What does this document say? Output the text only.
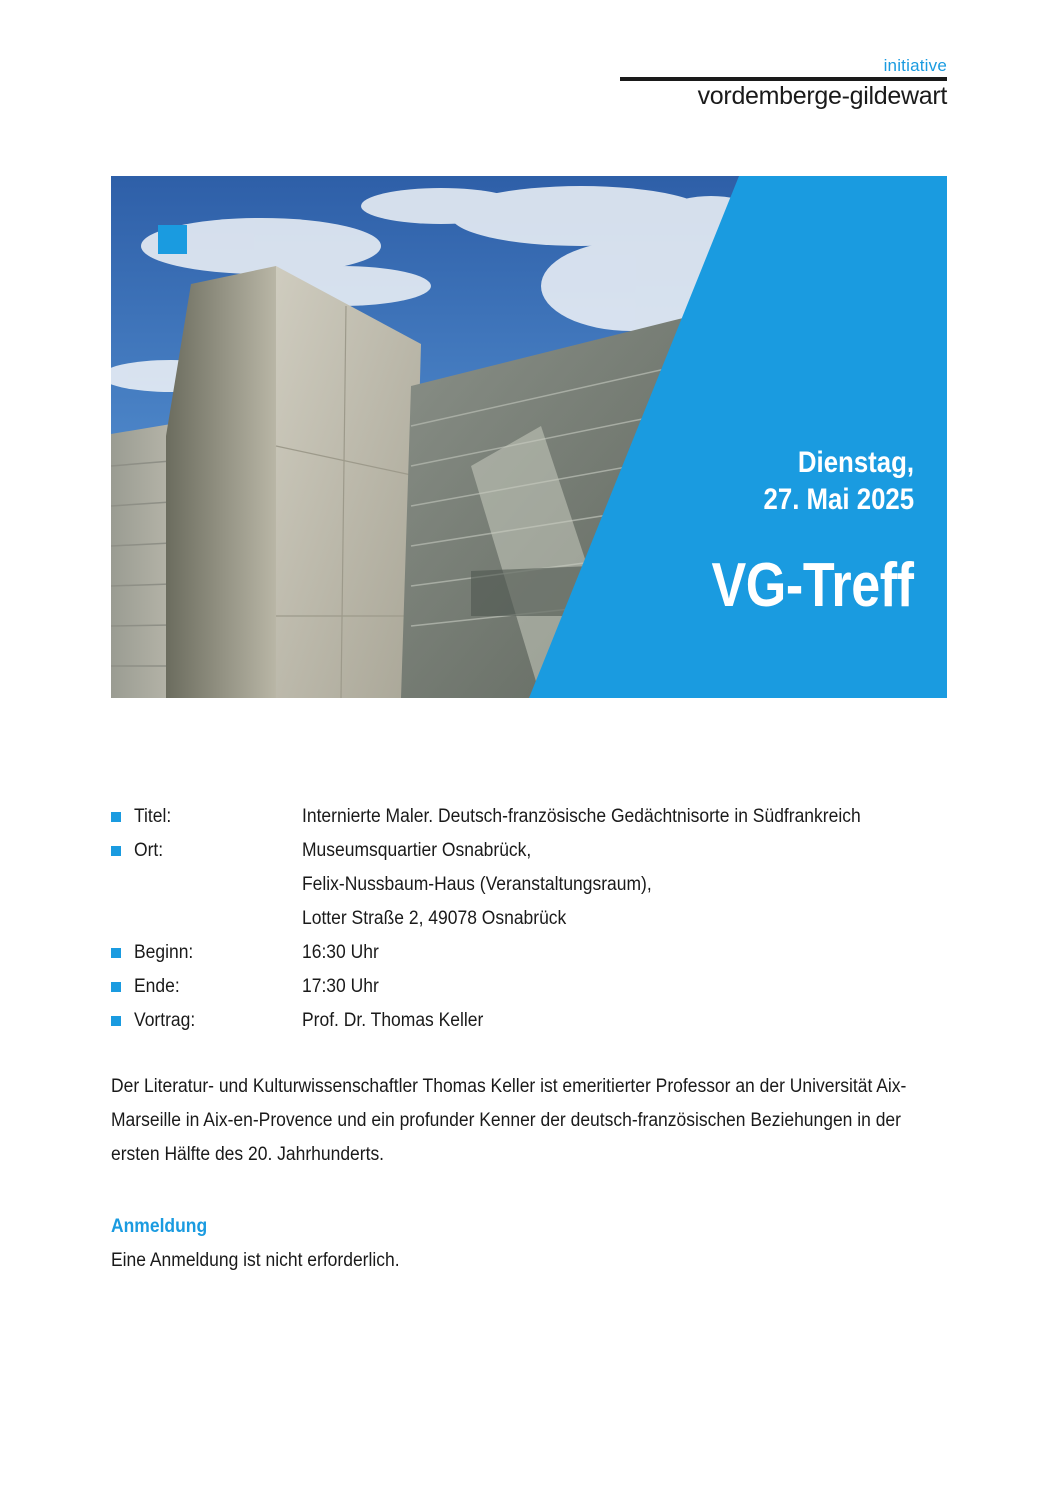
initiative
vordemberge-gildewart
Dienstag,
27. Mai 2025
VG-Treff
Titel:	Internierte Maler. Deutsch-französische Gedächtnisorte in Südfrankreich
Ort:	Museumsquartier Osnabrück,
Felix-Nussbaum-Haus (Veranstaltungsraum),
Lotter Straße 2, 49078 Osnabrück
Beginn:	16:30 Uhr
Ende:	17:30 Uhr
Vortrag:	Prof. Dr. Thomas Keller

Der Literatur- und Kulturwissenschaftler Thomas Keller ist emeritierter Professor an der Universität Aix-

Marseille in Aix-en-Provence und ein profunder Kenner der deutsch-französischen Beziehungen in der

ersten Hälfte des 20. Jahrhunderts.

Anmeldung
Eine Anmeldung ist nicht erforderlich.
